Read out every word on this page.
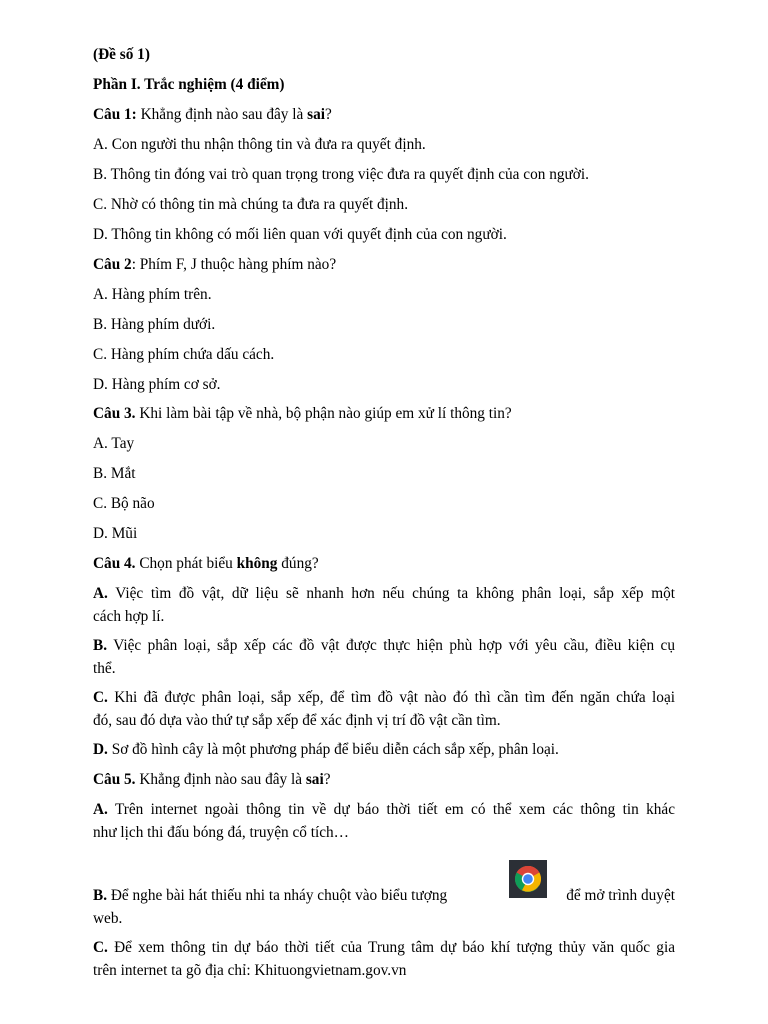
(Đề số 1)
Phần I. Trắc nghiệm (4 điểm)
Câu 1: Khẳng định nào sau đây là sai?
A. Con người thu nhận thông tin và đưa ra quyết định.
B. Thông tin đóng vai trò quan trọng trong việc đưa ra quyết định của con người.
C. Nhờ có thông tin mà chúng ta đưa ra quyết định.
D. Thông tin không có mối liên quan với quyết định của con người.
Câu 2: Phím F, J thuộc hàng phím nào?
A. Hàng phím trên.
B. Hàng phím dưới.
C. Hàng phím chứa dấu cách.
D. Hàng phím cơ sở.
Câu 3. Khi làm bài tập về nhà, bộ phận nào giúp em xử lí thông tin?
A. Tay
B. Mắt
C. Bộ não
D. Mũi
Câu 4. Chọn phát biểu không đúng?
A. Việc tìm đồ vật, dữ liệu sẽ nhanh hơn nếu chúng ta không phân loại, sắp xếp một
cách hợp lí.
B. Việc phân loại, sắp xếp các đồ vật được thực hiện phù hợp với yêu cầu, điều kiện cụ
thể.
C. Khi đã được phân loại, sắp xếp, để tìm đồ vật nào đó thì cần tìm đến ngăn chứa loại
đó, sau đó dựa vào thứ tự sắp xếp để xác định vị trí đồ vật cần tìm.
D. Sơ đồ hình cây là một phương pháp để biểu diễn cách sắp xếp, phân loại.
Câu 5. Khẳng định nào sau đây là sai?
A. Trên internet ngoài thông tin về dự báo thời tiết em có thể xem các thông tin khác
như lịch thi đấu bóng đá, truyện cổ tích…
B. Để nghe bài hát thiếu nhi ta nháy chuột vào biểu tượng	để mở trình duyệt
web.
C. Để xem thông tin dự báo thời tiết của Trung tâm dự báo khí tượng thủy văn quốc gia
trên internet ta gõ địa chỉ: Khituongvietnam.gov.vn
